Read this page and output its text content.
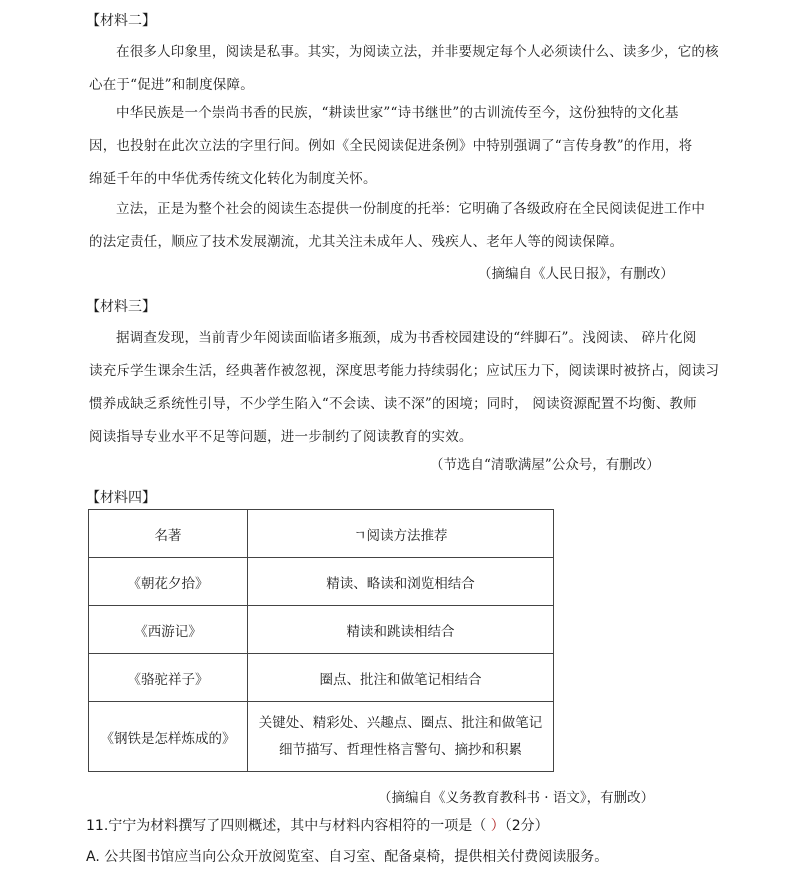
【材料二】
在很多人印象里，阅读是私事。其实，为阅读立法，并非要规定每个人必须读什么、读多少，它的核
心在于“促进”和制度保障。
中华民族是一个崇尚书香的民族，“耕读世家”“诗书继世”的古训流传至今，这份独特的文化基
因，也投射在此次立法的字里行间。例如《全民阅读促进条例》中特别强调了“言传身教”的作用，将
绵延千年的中华优秀传统文化转化为制度关怀。
立法，正是为整个社会的阅读生态提供一份制度的托举：它明确了各级政府在全民阅读促进工作中
的法定责任，顺应了技术发展潮流，尤其关注未成年人、残疾人、老年人等的阅读保障。
（摘编自《人民日报》，有删改）
【材料三】
据调查发现，当前青少年阅读面临诸多瓶颈，成为书香校园建设的“绊脚石”。浅阅读、 碎片化阅
读充斥学生课余生活，经典著作被忽视，深度思考能力持续弱化；应试压力下，阅读课时被挤占，阅读习
惯养成缺乏系统性引导，不少学生陷入“不会读、读不深”的困境；同时， 阅读资源配置不均衡、教师
阅读指导专业水平不足等问题，进一步制约了阅读教育的实效。
（节选自“清歌满屋”公众号，有删改）
【材料四】
名著	ㄱ阅读方法推荐
《朝花夕拾》	精读、略读和浏览相结合
《西游记》	精读和跳读相结合
《骆驼祥子》	圈点、批注和做笔记相结合
《钢铁是怎样炼成的》	关键处、精彩处、兴趣点、圈点、批注和做笔记
细节描写、哲理性格言警句、摘抄和积累
（摘编自《义务教育教科书 · 语文》，有删改）
11.宁宁为材料撰写了四则概述，其中与材料内容相符的一项是（ ）（2分）
A. 公共图书馆应当向公众开放阅览室、自习室、配备桌椅，提供相关付费阅读服务。
